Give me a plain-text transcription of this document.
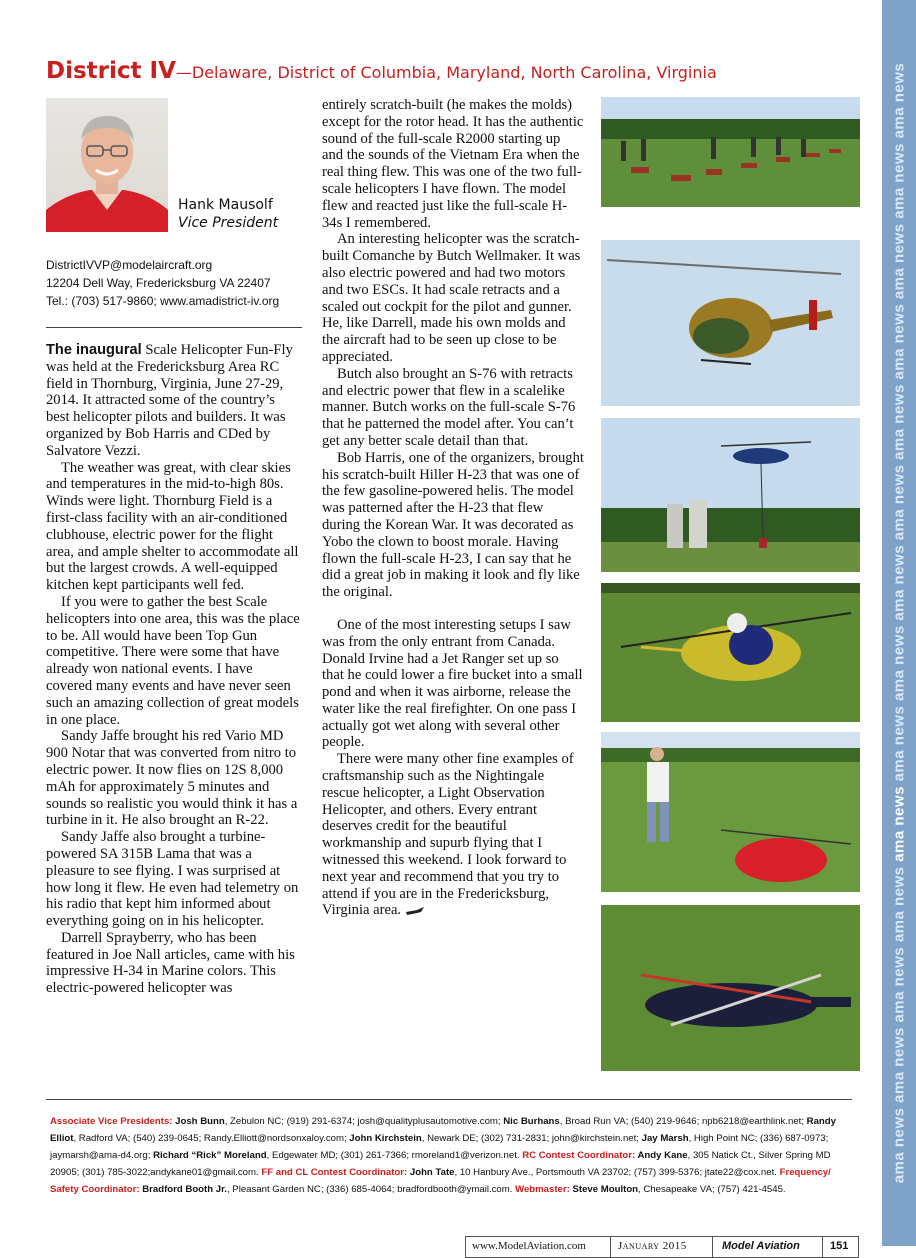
ama news ama news ama news ama news ama news ama news ama news ama news ama news ama news ama news ama news ama news ama news
District IV—Delaware, District of Columbia, Maryland, North Carolina, Virginia
Hank Mausolf
Vice President
DistrictIVVP@modelaircraft.org
12204 Dell Way, Fredericksburg VA 22407
Tel.: (703) 517-9860; www.amadistrict-iv.org

The inaugural Scale Helicopter Fun-Fly was held at the Fredericksburg Area RC field in Thornburg, Virginia, June 27-29, 2014. It attracted some of the country’s best helicopter pilots and builders. It was organized by Bob Harris and CDed by Salvatore Vezzi.

The weather was great, with clear skies and temperatures in the mid-to-high 80s. Winds were light. Thornburg Field is a first-class facility with an air-conditioned clubhouse, electric power for the flight area, and ample shelter to accommodate all but the largest crowds. A well-equipped kitchen kept participants well fed.

If you were to gather the best Scale helicopters into one area, this was the place to be. All would have been Top Gun competitive. There were some that have already won national events. I have covered many events and have never seen such an amazing collection of great models in one place.

Sandy Jaffe brought his red Vario MD 900 Notar that was converted from nitro to electric power. It now flies on 12S 8,000 mAh for approximately 5 minutes and sounds so realistic you would think it has a turbine in it. He also brought an R-22.

Sandy Jaffe also brought a turbine-powered SA 315B Lama that was a pleasure to see flying. I was surprised at how long it flew. He even had telemetry on his radio that kept him informed about everything going on in his helicopter.

Darrell Sprayberry, who has been featured in Joe Nall articles, came with his impressive H-34 in Marine colors. This electric-powered helicopter was

entirely scratch-built (he makes the molds) except for the rotor head. It has the authentic sound of the full-scale R2000 starting up and the sounds of the Vietnam Era when the real thing flew. This was one of the two full-scale helicopters I have flown. The model flew and reacted just like the full-scale H-34s I remembered.

An interesting helicopter was the scratch-built Comanche by Butch Wellmaker. It was also electric powered and had two motors and two ESCs. It had scale retracts and a scaled out cockpit for the pilot and gunner. He, like Darrell, made his own molds and the aircraft had to be seen up close to be appreciated.

Butch also brought an S-76 with retracts and electric power that flew in a scalelike manner. Butch works on the full-scale S-76 that he patterned the model after. You can’t get any better scale detail than that.

Bob Harris, one of the organizers, brought his scratch-built Hiller H-23 that was one of the few gasoline-powered helis. The model was patterned after the H-23 that flew during the Korean War. It was decorated as Yobo the clown to boost morale. Having flown the full-scale H-23, I can say that he did a great job in making it look and fly like the original.

One of the most interesting setups I saw was from the only entrant from Canada. Donald Irvine had a Jet Ranger set up so that he could lower a fire bucket into a small pond and when it was airborne, release the water like the real firefighter. On one pass I actually got wet along with several other people.

There were many other fine examples of craftsmanship such as the Nightingale rescue helicopter, a Light Observation Helicopter, and others. Every entrant deserves credit for the beautiful workmanship and supurb flying that I witnessed this weekend. I look forward to next year and recommend that you try to attend if you are in the Fredericksburg, Virginia area.

Associate Vice Presidents: Josh Bunn, Zebulon NC; (919) 291-6374; josh@qualityplusautomotive.com; Nic Burhans, Broad Run VA; (540) 219-9646; npb6218@earthlink.net; Randy Elliot, Radford VA; (540) 239-0645; Randy.Elliott@nordsonxaloy.com; John Kirchstein, Newark DE; (302) 731-2831; john@kirchstein.net; Jay Marsh, High Point NC; (336) 687-0973; jaymarsh@ama-d4.org; Richard “Rick” Moreland, Edgewater MD; (301) 261-7366; rmoreland1@verizon.net. RC Contest Coordinator: Andy Kane, 305 Natick Ct., Silver Spring MD 20905; (301) 785-3022;andykane01@gmail.com. FF and CL Contest Coordinator: John Tate, 10 Hanbury Ave., Portsmouth VA 23702; (757) 399-5376; jtate22@cox.net. Frequency/ Safety Coordinator: Bradford Booth Jr., Pleasant Garden NC; (336) 685-4064; bradfordbooth@ymail.com. Webmaster: Steve Moulton, Chesapeake VA; (757) 421-4545.
www.ModelAviation.com	January 2015	Model Aviation	151
